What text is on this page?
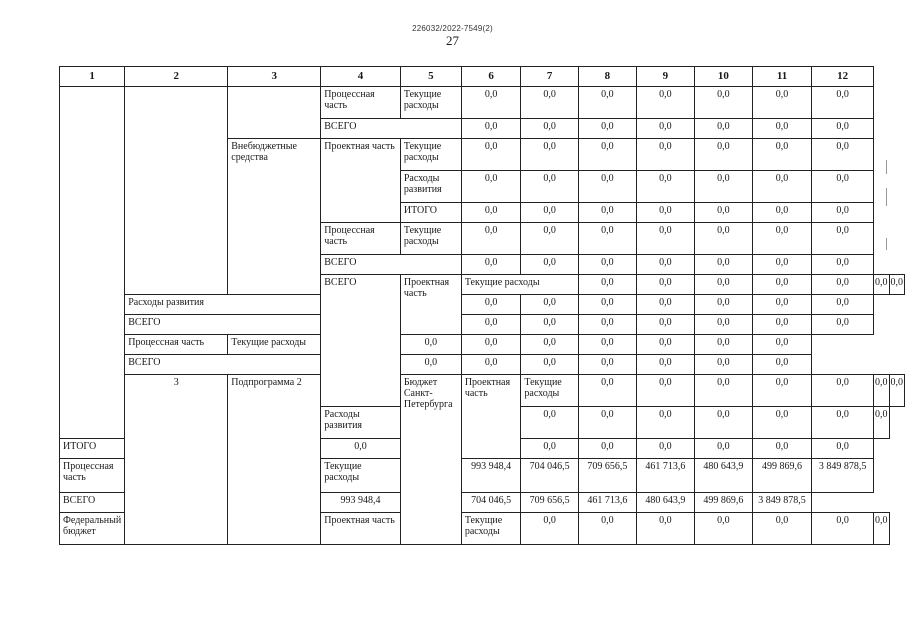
226032/2022-7549(2)
27
1	2	3	4	5	6	7	8	9	10	11	12		
			Процессная часть	Текущие расходы	0,0	0,0	0,0	0,0	0,0	0,0	0,0		
			ВСЕГО		0,0	0,0	0,0	0,0	0,0	0,0	0,0		
		Внебюджетные средства	Проектная часть	Текущие расходы	0,0	0,0	0,0	0,0	0,0	0,0	0,0		
				Расходы развития	0,0	0,0	0,0	0,0	0,0	0,0	0,0		
				ИТОГО	0,0	0,0	0,0	0,0	0,0	0,0	0,0		
			Процессная часть	Текущие расходы	0,0	0,0	0,0	0,0	0,0	0,0	0,0		
			ВСЕГО		0,0	0,0	0,0	0,0	0,0	0,0	0,0		
			ВСЕГО	Проектная часть	Текущие расходы		0,0	0,0	0,0	0,0	0,0	0,0	0,0
	Расходы развития				0,0	0,0	0,0	0,0	0,0	0,0	0,0		
	ВСЕГО				0,0	0,0	0,0	0,0	0,0	0,0	0,0		
	Процессная часть	Текущие расходы		0,0	0,0	0,0	0,0	0,0	0,0	0,0			
	ВСЕГО			0,0	0,0	0,0	0,0	0,0	0,0	0,0			
	3	Подпрограмма 2		Бюджет Санкт-Петербурга	Проектная часть	Текущие расходы	0,0	0,0	0,0	0,0	0,0	0,0	0,0
			Расходы развития			0,0	0,0	0,0	0,0	0,0	0,0	0,0	
ИТОГО			0,0			0,0	0,0	0,0	0,0	0,0	0,0		
Процессная часть			Текущие расходы		993 948,4	704 046,5	709 656,5	461 713,6	480 643,9	499 869,6	3 849 878,5		
ВСЕГО			993 948,4		704 046,5	709 656,5	461 713,6	480 643,9	499 869,6	3 849 878,5			
Федеральный бюджет			Проектная часть		Текущие расходы	0,0	0,0	0,0	0,0	0,0	0,0	0,0	
